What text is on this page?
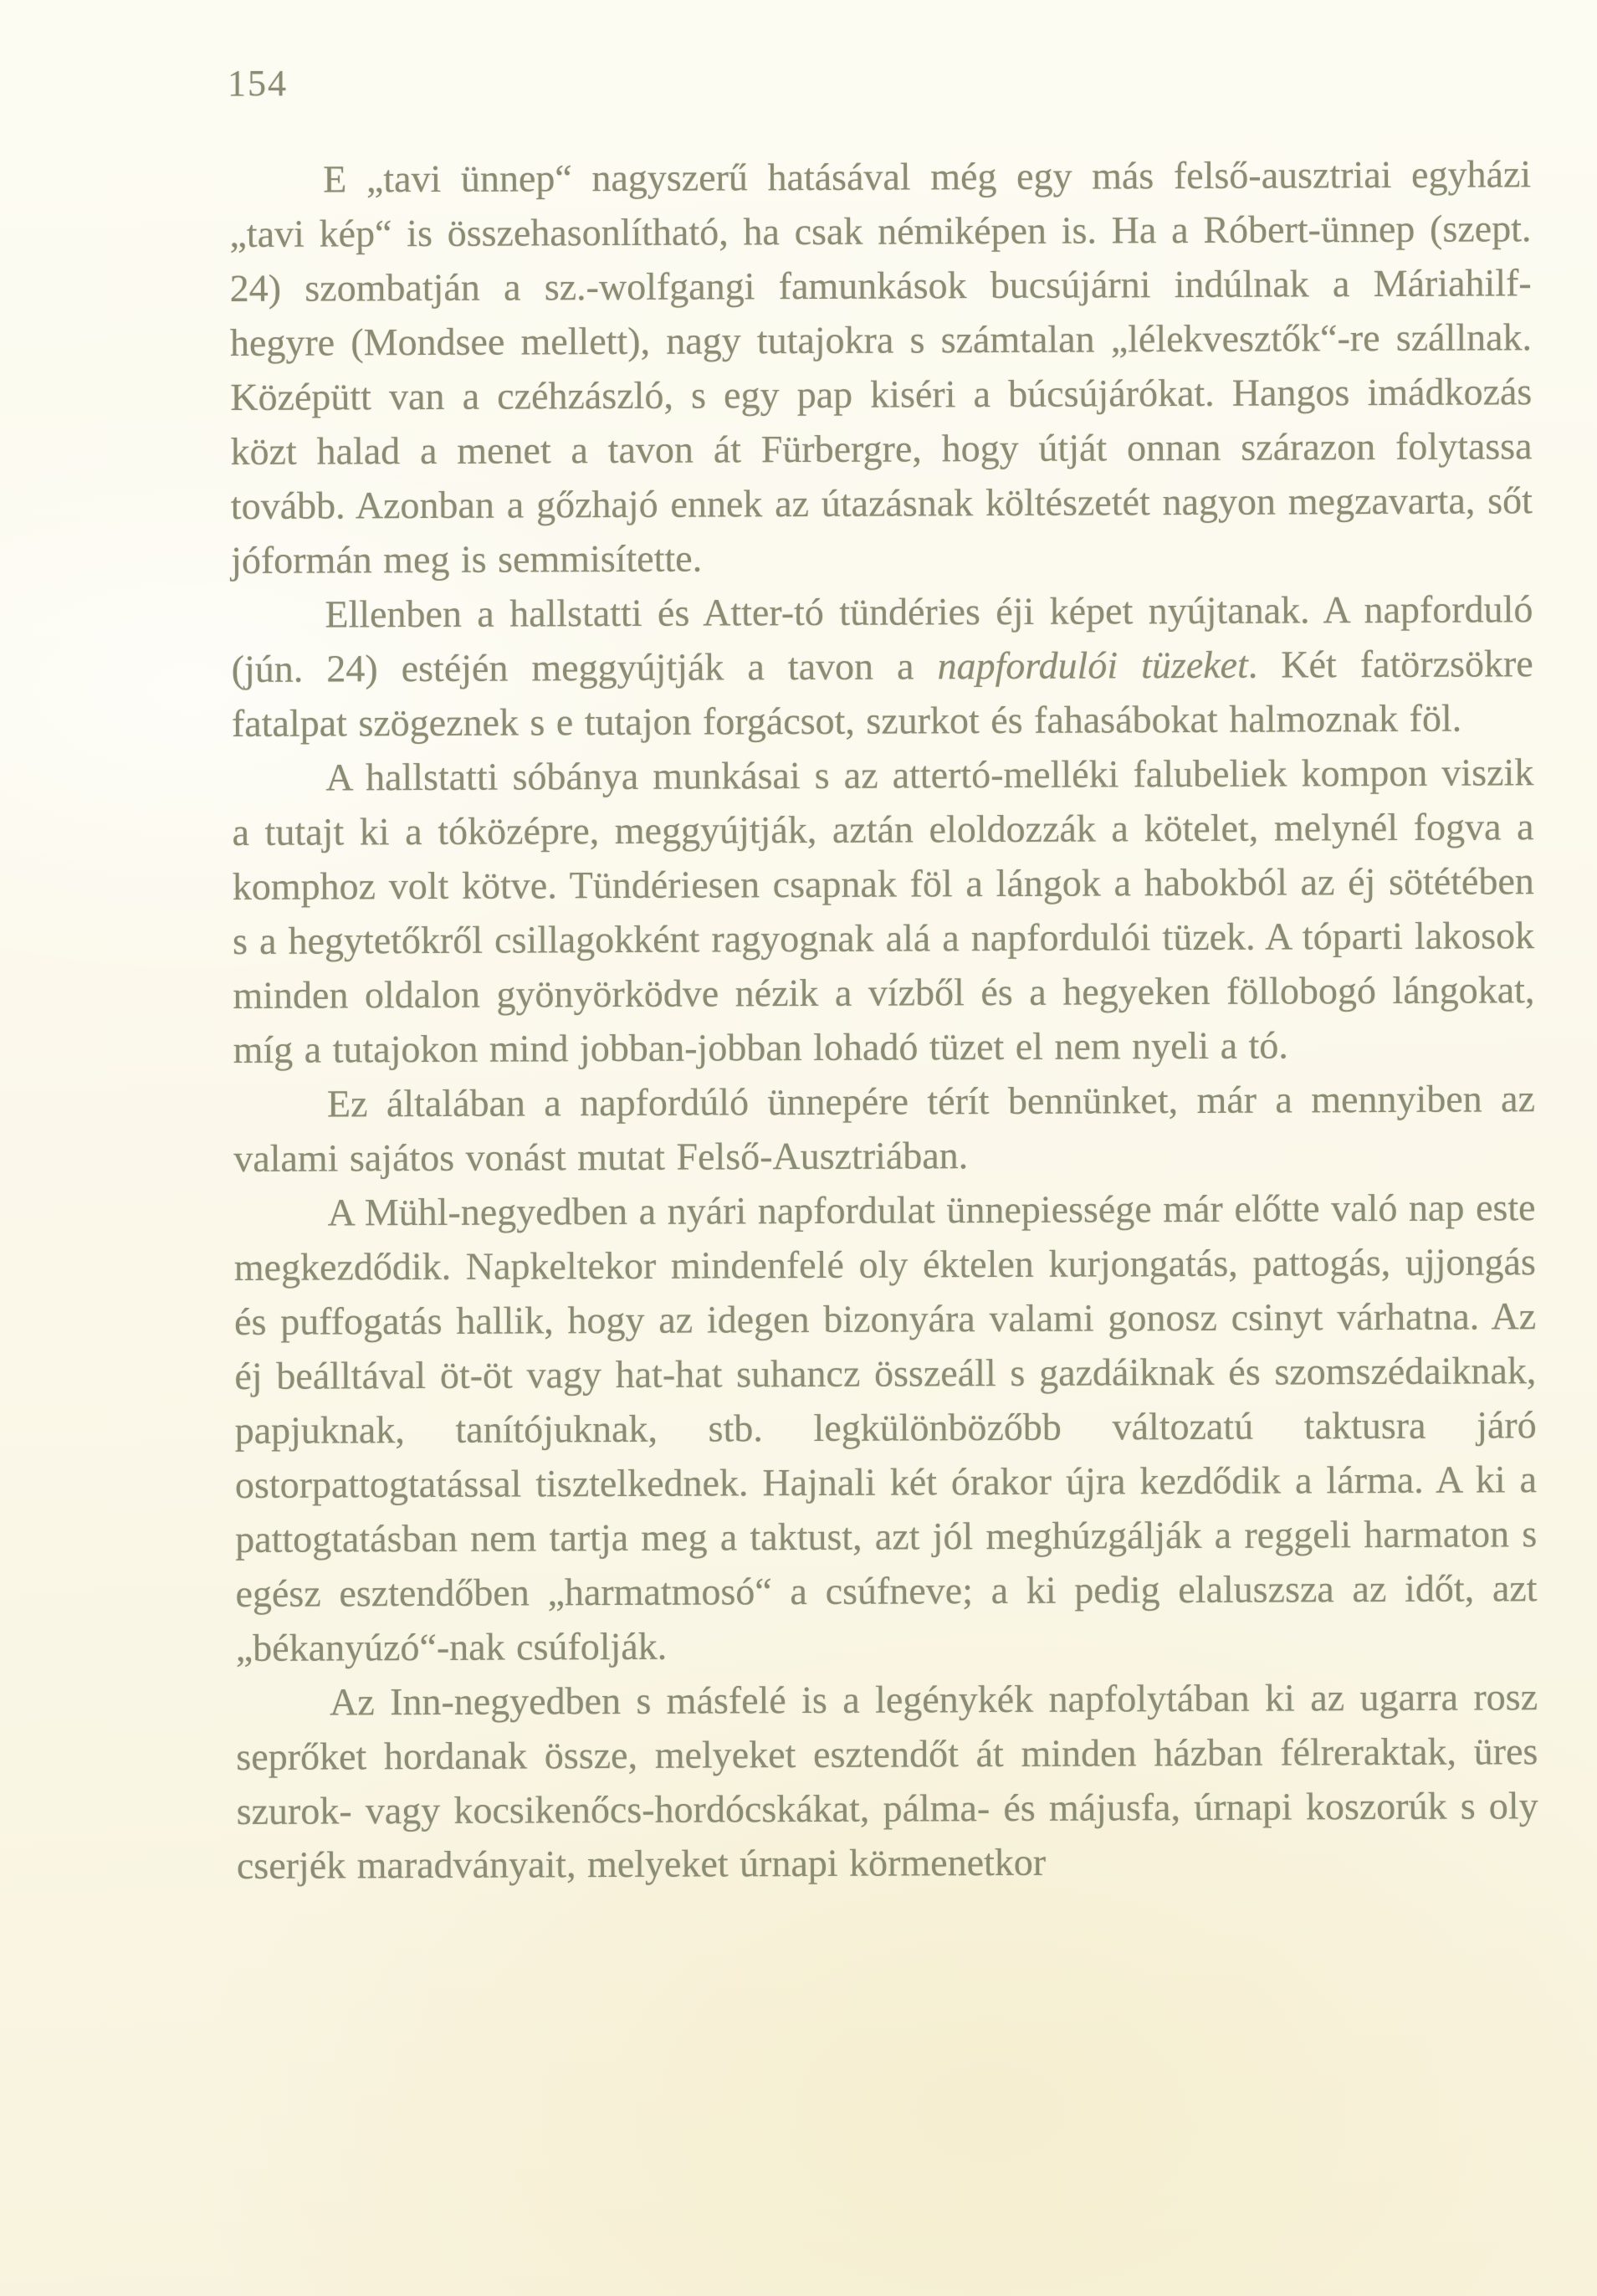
154

E „tavi ünnep“ nagyszerű hatásával még egy más felső-ausztriai egyházi „tavi kép“ is összehasonlítható, ha csak némiképen is. Ha a Róbert-ünnep (szept. 24) szombatján a sz.-wolfgangi famunkások bucsújárni indúlnak a Máriahilf-hegyre (Mondsee mellett), nagy tutajokra s számtalan „lélekvesztők“-re szállnak. Középütt van a czéhzászló, s egy pap kiséri a búcsújárókat. Hangos imádkozás közt halad a menet a tavon át Fürbergre, hogy útját onnan szárazon folytassa tovább. Azonban a gőzhajó ennek az útazásnak költészetét nagyon megzavarta, sőt jóformán meg is semmisítette.

Ellenben a hallstatti és Atter-tó tündéries éji képet nyújtanak. A napforduló (jún. 24) estéjén meggyújtják a tavon a napfordulói tüzeket. Két fatörzsökre fatalpat szögeznek s e tutajon forgácsot, szurkot és fahasábokat halmoznak föl.

A hallstatti sóbánya munkásai s az attertó-melléki falubeliek kompon viszik a tutajt ki a tóközépre, meggyújtják, aztán eloldozzák a kötelet, melynél fogva a komphoz volt kötve. Tündériesen csapnak föl a lángok a habokból az éj sötétében s a hegytetőkről csillagokként ragyognak alá a napfordulói tüzek. A tóparti lakosok minden oldalon gyönyörködve nézik a vízből és a hegyeken föllobogó lángokat, míg a tutajokon mind jobban-jobban lohadó tüzet el nem nyeli a tó.

Ez általában a napfordúló ünnepére térít bennünket, már a mennyiben az valami sajátos vonást mutat Felső-Ausztriában.

A Mühl-negyedben a nyári napfordulat ünnepiessége már előtte való nap este megkezdődik. Napkeltekor mindenfelé oly éktelen kurjongatás, pattogás, ujjongás és puffogatás hallik, hogy az idegen bizonyára valami gonosz csinyt várhatna. Az éj beálltával öt-öt vagy hat-hat suhancz összeáll s gazdáiknak és szomszédaiknak, papjuknak, tanítójuknak, stb. legkülönbözőbb változatú taktusra járó ostorpattogtatással tisztelkednek. Hajnali két órakor újra kezdődik a lárma. A ki a pattogtatásban nem tartja meg a taktust, azt jól meghúzgálják a reggeli harmaton s egész esztendőben „harmatmosó“ a csúfneve; a ki pedig elaluszsza az időt, azt „békanyúzó“-nak csúfolják.

Az Inn-negyedben s másfelé is a legénykék napfolytában ki az ugarra rosz seprőket hordanak össze, melyeket esztendőt át minden házban félreraktak, üres szurok- vagy kocsikenőcs-hordócskákat, pálma- és májusfa, úrnapi koszorúk s oly cserjék maradványait, melyeket úrnapi körmenetkor
